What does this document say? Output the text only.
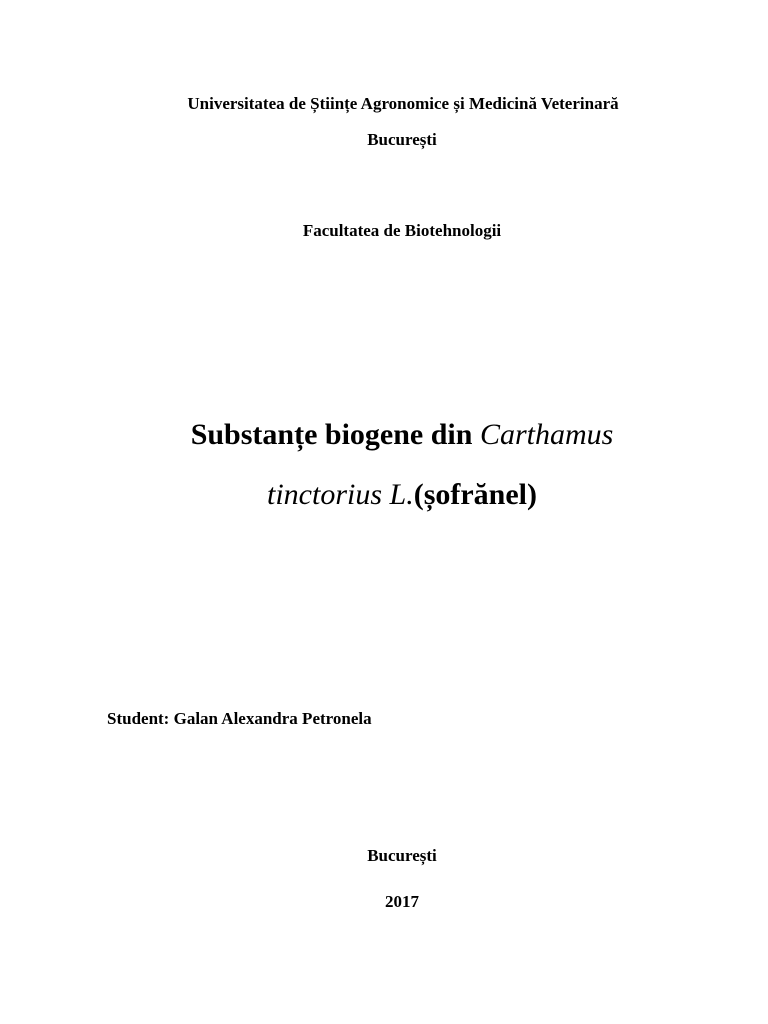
Universitatea de Științe Agronomice și Medicină Veterinară
București
Facultatea de Biotehnologii
Substanțe biogene din Carthamus
tinctorius L.(șofrănel)
Student: Galan Alexandra Petronela
București
2017
